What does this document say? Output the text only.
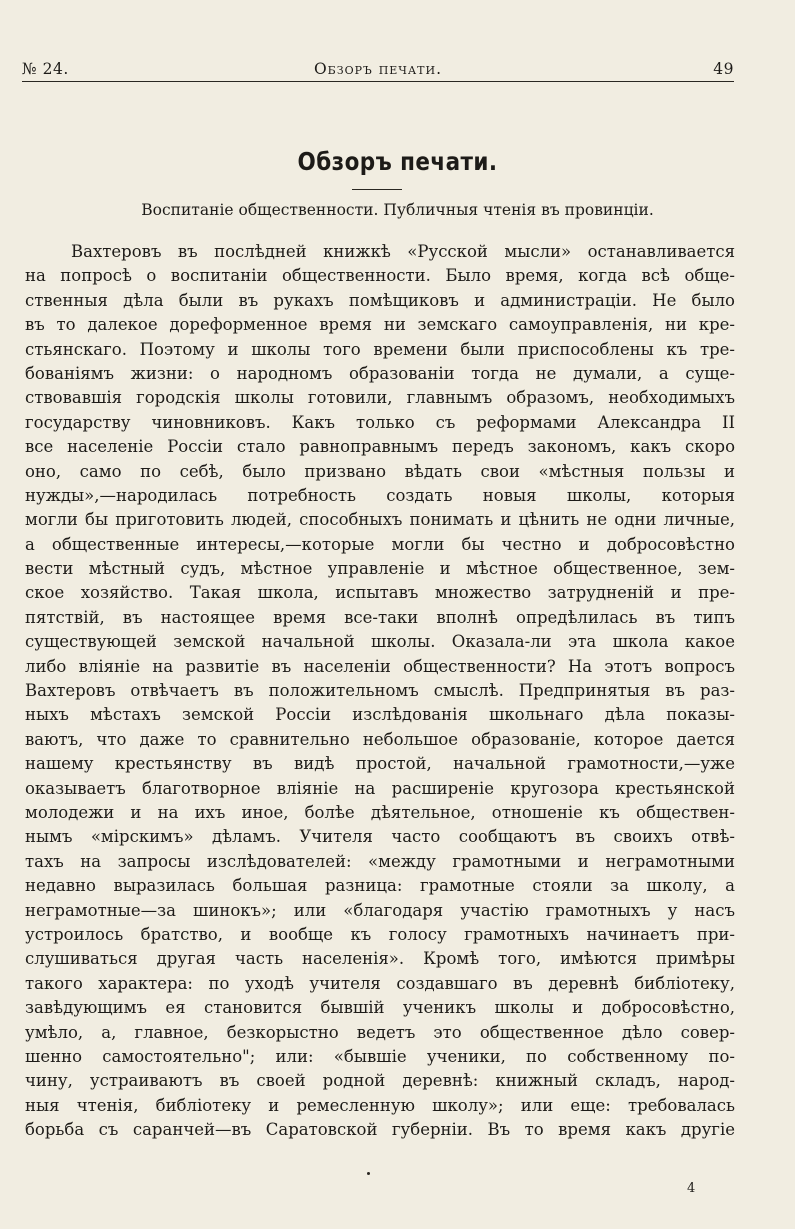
№ 24.	Обзоръ печати.	49
Обзоръ печати.
Воспитаніе общественности. Публичныя чтенія въ провинціи.
Вахтеровъ въ послѣдней книжкѣ «Русской мысли» останавливается
на попросѣ о воспитаніи общественности. Было время, когда всѣ обще-
ственныя дѣла были въ рукахъ помѣщиковъ и администраціи. Не было
въ то далекое дореформенное время ни земскаго самоуправленія, ни кре-
стьянскаго. Поэтому и школы того времени были приспособлены къ тре-
бованіямъ жизни: о народномъ образованіи тогда не думали, а суще-
ствовавшія городскія школы готовили, главнымъ образомъ, необходимыхъ
государству чиновниковъ. Какъ только съ реформами Александра II
все населеніе Россіи стало равноправнымъ передъ закономъ, какъ скоро
оно, само по себѣ, было призвано вѣдать свои «мѣстныя пользы и
нужды»,—народилась потребность создать новыя школы, которыя
могли бы приготовить людей, способныхъ понимать и цѣнить не одни личные,
а общественные интересы,—которые могли бы честно и добросовѣстно
вести мѣстный судъ, мѣстное управленіе и мѣстное общественное, зем-
ское хозяйство. Такая школа, испытавъ множество затрудненій и пре-
пятствій, въ настоящее время все-таки вполнѣ опредѣлилась въ типъ
существующей земской начальной школы. Оказала-ли эта школа какое
либо вліяніе на развитіе въ населеніи общественности? На этотъ вопросъ
Вахтеровъ отвѣчаетъ въ положительномъ смыслѣ. Предпринятыя въ раз-
ныхъ мѣстахъ земской Россіи изслѣдованія школьнаго дѣла показы-
ваютъ, что даже то сравнительно небольшое образованіе, которое дается
нашему крестьянству въ видѣ простой, начальной грамотности,—уже
оказываетъ благотворное вліяніе на расширеніе кругозора крестьянской
молодежи и на ихъ иное, болѣе дѣятельное, отношеніе къ обществен-
нымъ «мірскимъ» дѣламъ. Учителя часто сообщаютъ въ своихъ отвѣ-
тахъ на запросы изслѣдователей: «между грамотными и неграмотными
недавно выразилась большая разница: грамотные стояли за школу, а
неграмотные—за шинокъ»; или «благодаря участію грамотныхъ у насъ
устроилось братство, и вообще къ голосу грамотныхъ начинаетъ при-
слушиваться другая часть населенія». Кромѣ того, имѣются примѣры
такого характера: по уходѣ учителя создавшаго въ деревнѣ библіотеку,
завѣдующимъ ея становится бывшій ученикъ школы и добросовѣстно,
умѣло, а, главное, безкорыстно ведетъ это общественное дѣло совер-
шенно самостоятельно"; или: «бывшіе ученики, по собственному по-
чину, устраиваютъ въ своей родной деревнѣ: книжный складъ, народ-
ныя чтенія, библіотеку и ремесленную школу»; или еще: требовалась
борьба съ саранчей—въ Саратовской губерніи. Въ то время какъ другіе
4
